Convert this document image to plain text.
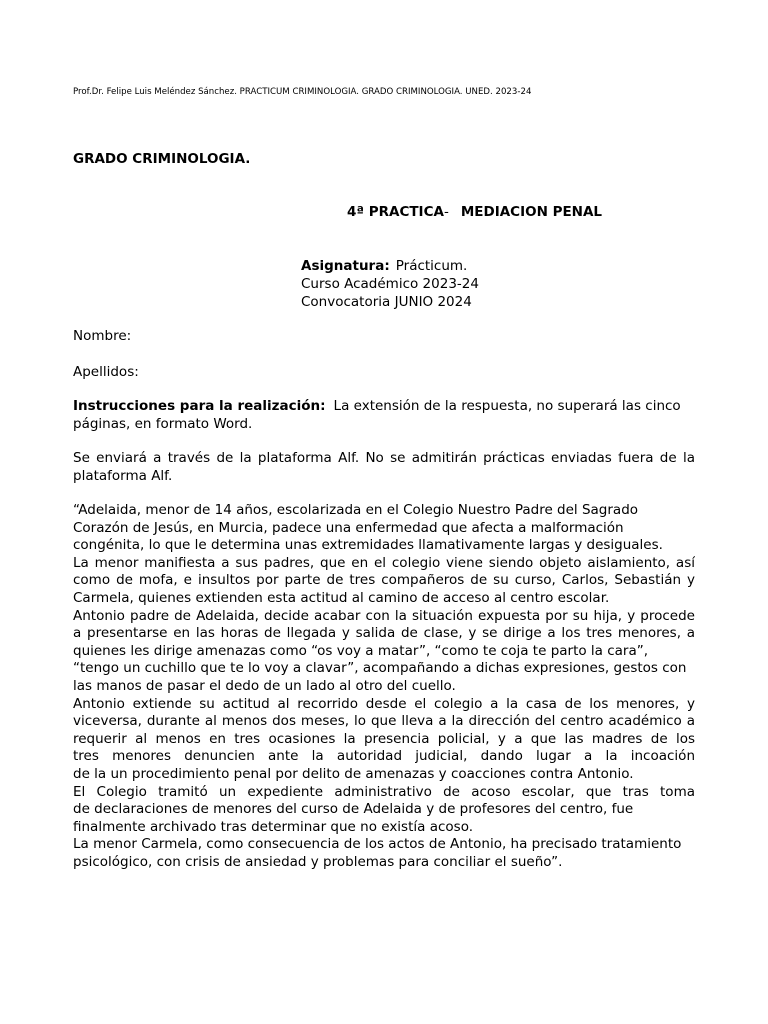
Prof.Dr. Felipe Luis Meléndez Sánchez. PRACTICUM CRIMINOLOGIA. GRADO CRIMINOLOGIA. UNED. 2023-24
GRADO CRIMINOLOGIA.
4ª PRACTICA- MEDIACION PENAL
Asignatura: Prácticum.
Curso Académico 2023-24
Convocatoria JUNIO 2024
Nombre:
Apellidos:

Instrucciones para la realización: La extensión de la respuesta, no superará las cinco páginas, en formato Word.

Se enviará a través de la plataforma Alf. No se admitirán prácticas enviadas fuera de la plataforma Alf.

“Adelaida, menor de 14 años, escolarizada en el Colegio Nuestro Padre del Sagrado
Corazón de Jesús, en Murcia, padece una enfermedad que afecta a malformación
congénita, lo que le determina unas extremidades llamativamente largas y desiguales.
La menor manifiesta a sus padres, que en el colegio viene siendo objeto aislamiento, así
como de mofa, e insultos por parte de tres compañeros de su curso, Carlos, Sebastián y
Carmela, quienes extienden esta actitud al camino de acceso al centro escolar.
Antonio padre de Adelaida, decide acabar con la situación expuesta por su hija, y procede
a presentarse en las horas de llegada y salida de clase, y se dirige a los tres menores, a
quienes les dirige amenazas como “os voy a matar”, “como te coja te parto la cara”,
“tengo un cuchillo que te lo voy a clavar”, acompañando a dichas expresiones, gestos con
las manos de pasar el dedo de un lado al otro del cuello.
Antonio extiende su actitud al recorrido desde el colegio a la casa de los menores, y
viceversa, durante al menos dos meses, lo que lleva a la dirección del centro académico a
requerir al menos en tres ocasiones la presencia policial, y a que las madres de los
tres menores denuncien ante la autoridad judicial, dando lugar a la incoación
de la un procedimiento penal por delito de amenazas y coacciones contra Antonio.
El Colegio tramitó un expediente administrativo de acoso escolar, que tras toma
de declaraciones de menores del curso de Adelaida y de profesores del centro, fue
finalmente archivado tras determinar que no existía acoso.
La menor Carmela, como consecuencia de los actos de Antonio, ha precisado tratamiento
psicológico, con crisis de ansiedad y problemas para conciliar el sueño”.
